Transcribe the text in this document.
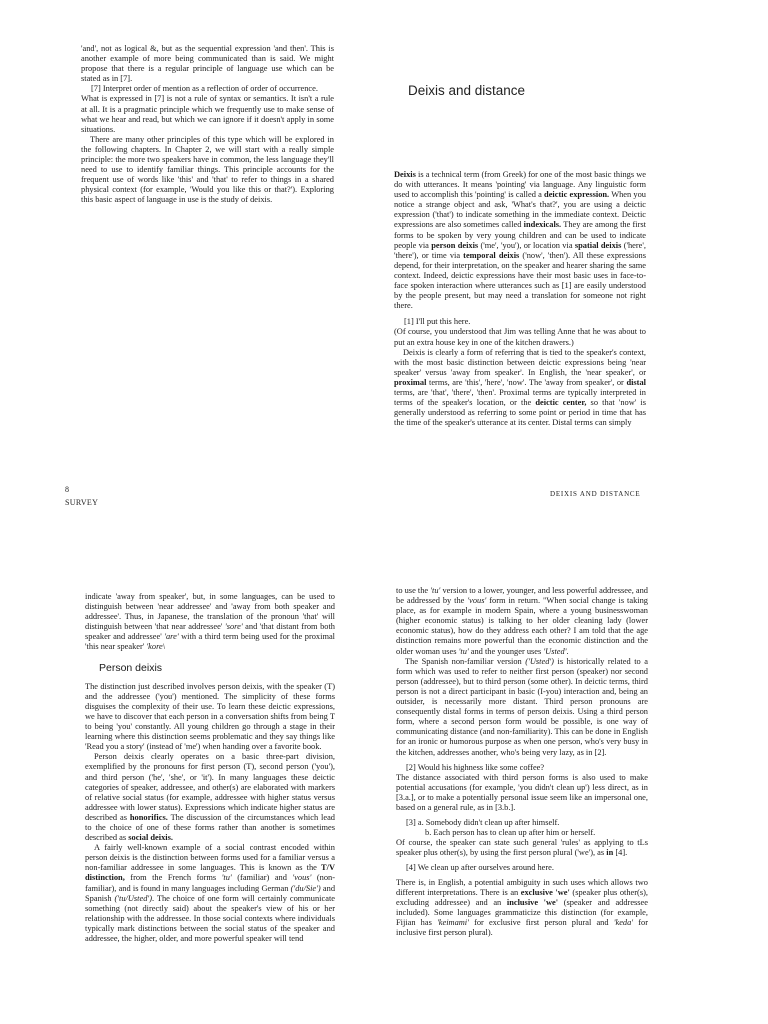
'and', not as logical &, but as the sequential expression 'and then'. This is another example of more being communicated than is said. We might propose that there is a regular principle of language use which can be stated as in [7].

[7] Interpret order of mention as a reflection of order of occurrence.

What is expressed in [7] is not a rule of syntax or semantics. It isn't a rule at all. It is a pragmatic principle which we frequently use to make sense of what we hear and read, but which we can ignore if it doesn't apply in some situations.

There are many other principles of this type which will be explored in the following chapters. In Chapter 2, we will start with a really simple principle: the more two speakers have in common, the less language they'll need to use to identify familiar things. This principle accounts for the frequent use of words like 'this' and 'that' to refer to things in a shared physical context (for example, 'Would you like this or that?'). Exploring this basic aspect of language in use is the study of deixis.

Deixis and distance

Deixis is a technical term (from Greek) for one of the most basic things we do with utterances. It means 'pointing' via language. Any linguistic form used to accomplish this 'pointing' is called a deictic expression. When you notice a strange object and ask, 'What's that?', you are using a deictic expression ('that') to indicate something in the immediate context. Deictic expressions are also sometimes called indexicals. They are among the first forms to be spoken by very young children and can be used to indicate people via person deixis ('me', 'you'), or location via spatial deixis ('here', 'there'), or time via temporal deixis ('now', 'then'). All these expressions depend, for their interpretation, on the speaker and hearer sharing the same context. Indeed, deictic expressions have their most basic uses in face-to-face spoken interaction where utterances such as [1] are easily understood by the people present, but may need a translation for someone not right there.

[1] I'll put this here.

(Of course, you understood that Jim was telling Anne that he was about to put an extra house key in one of the kitchen drawers.)

Deixis is clearly a form of referring that is tied to the speaker's context, with the most basic distinction between deictic expressions being 'near speaker' versus 'away from speaker'. In English, the 'near speaker', or proximal terms, are 'this', 'here', 'now'. The 'away from speaker', or distal terms, are 'that', 'there', 'then'. Proximal terms are typically interpreted in terms of the speaker's location, or the deictic center, so that 'now' is generally understood as referring to some point or period in time that has the time of the speaker's utterance at its center. Distal terms can simply

8
SURVEY
DEIXIS AND DISTANCE

indicate 'away from speaker', but, in some languages, can be used to distinguish between 'near addressee' and 'away from both speaker and addressee'. Thus, in Japanese, the translation of the pronoun 'that' will distinguish between 'that near addressee' 'sore' and 'that distant from both speaker and addressee' 'are' with a third term being used for the proximal 'this near speaker' 'kore\

Person deixis

The distinction just described involves person deixis, with the speaker (T) and the addressee ('you') mentioned. The simplicity of these forms disguises the complexity of their use. To learn these deictic expressions, we have to discover that each person in a conversation shifts from being T to being 'you' constantly. All young children go through a stage in their learning where this distinction seems problematic and they say things like 'Read you a story' (instead of 'me') when handing over a favorite book.

Person deixis clearly operates on a basic three-part division, exemplified by the pronouns for first person (T), second person ('you'), and third person ('he', 'she', or 'it'). In many languages these deictic categories of speaker, addressee, and other(s) are elaborated with markers of relative social status (for example, addressee with higher status versus addressee with lower status). Expressions which indicate higher status are described as honorifics. The discussion of the circumstances which lead to the choice of one of these forms rather than another is sometimes described as social deixis.

A fairly well-known example of a social contrast encoded within person deixis is the distinction between forms used for a familiar versus a non-familiar addressee in some languages. This is known as the T/V distinction, from the French forms 'tu' (familiar) and 'vous' (non-familiar), and is found in many languages including German ('du/Sie') and Spanish ('tu/Usted'). The choice of one form will certainly communicate something (not directly said) about the speaker's view of his or her relationship with the addressee. In those social contexts where individuals typically mark distinctions between the social status of the speaker and addressee, the higher, older, and more powerful speaker will tend

to use the 'tu' version to a lower, younger, and less powerful addressee, and be addressed by the 'vous' form in return. "When social change is taking place, as for example in modern Spain, where a young businesswoman (higher economic status) is talking to her older cleaning lady (lower economic status), how do they address each other? I am told that the age distinction remains more powerful than the economic distinction and the older woman uses 'tu' and the younger uses 'Usted'.

The Spanish non-familiar version ('Usted') is historically related to a form which was used to refer to neither first person (speaker) nor second person (addressee), but to third person (some other). In deictic terms, third person is not a direct participant in basic (I-you) interaction and, being an outsider, is necessarily more distant. Third person pronouns are consequently distal forms in terms of person deixis. Using a third person form, where a second person form would be possible, is one way of communicating distance (and non-familiarity). This can be done in English for an ironic or humorous purpose as when one person, who's very busy in the kitchen, addresses another, who's being very lazy, as in [2].

[2] Would his highness like some coffee?

The distance associated with third person forms is also used to make potential accusations (for example, 'you didn't clean up') less direct, as in [3.a.], or to make a potentially personal issue seem like an impersonal one, based on a general rule, as in [3.b.].

[3] a. Somebody didn't clean up after himself.

b. Each person has to clean up after him or herself.

Of course, the speaker can state such general 'rules' as applying to tLs speaker plus other(s), by using the first person plural ('we'), as in [4].

[4] We clean up after ourselves around here.

There is, in English, a potential ambiguity in such uses which allows two different interpretations. There is an exclusive 'we' (speaker plus other(s), excluding addressee) and an inclusive 'we' (speaker and addressee included). Some languages grammaticize this distinction (for example, Fijian has 'keimami' for exclusive first person plural and 'keda' for inclusive first person plural).
